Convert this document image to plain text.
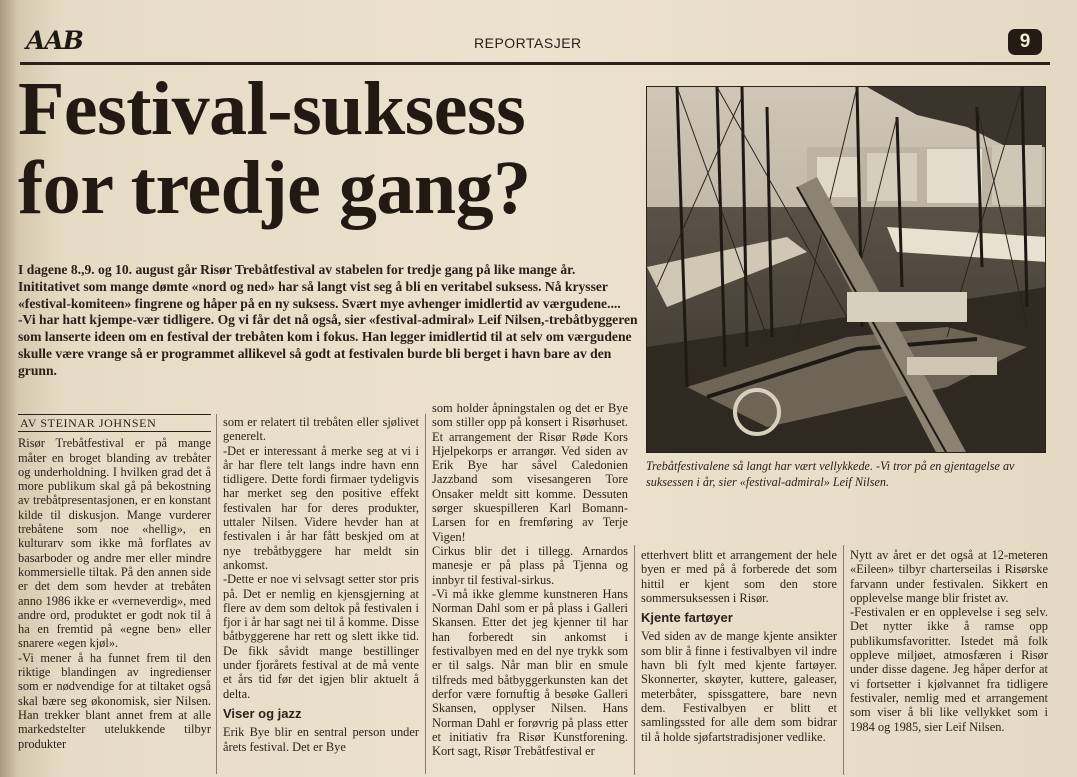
AAB	REPORTASJER	9
Festival-suksess
for tredje gang?

I dagene 8.,9. og 10. august går Risør Trebåtfestival av stabelen for tredje gang på like mange år. Inititativet som mange dømte «nord og ned» har så langt vist seg å bli en veritabel suksess. Nå krysser «festival-komiteen» fingrene og håper på en ny suksess. Svært mye avhenger imidlertid av værgudene....

-Vi har hatt kjempe-vær tidligere. Og vi får det nå også, sier «festival-admiral» Leif Nilsen,-trebåtbyggeren som lanserte ideen om en festival der trebåten kom i fokus. Han legger imidlertid til at selv om værgudene skulle være vrange så er programmet allikevel så godt at festivalen burde bli berget i havn bare av den grunn.

Trebåtfestivalene så langt har vært vellykkede. -Vi tror på en gjentagelse av suksessen i år, sier «festival-admiral» Leif Nilsen.
AV STEINAR JOHNSEN

Risør Trebåtfestival er på mange måter en broget blanding av trebåter og underholdning. I hvilken grad det å more publikum skal gå på bekostning av trebåtpresentasjonen, er en konstant kilde til diskusjon. Mange vurderer trebåtene som noe «hellig», en kulturarv som ikke må forflates av basarboder og andre mer eller mindre kommersielle tiltak. På den annen side er det dem som hevder at trebåten anno 1986 ikke er «verneverdig», med andre ord, produktet er godt nok til å ha en fremtid på «egne ben» eller snarere «egen kjøl».

-Vi mener å ha funnet frem til den riktige blandingen av ingredienser som er nødvendige for at tiltaket også skal bære seg økonomisk, sier Nilsen. Han trekker blant annet frem at alle markedstelter utelukkende tilbyr produkter

som er relatert til trebåten eller sjølivet generelt.

-Det er interessant å merke seg at vi i år har flere telt langs indre havn enn tidligere. Dette fordi firmaer tydeligvis har merket seg den positive effekt festivalen har for deres produkter, uttaler Nilsen. Videre hevder han at festivalen i år har fått beskjed om at nye trebåtbyggere har meldt sin ankomst.

-Dette er noe vi selvsagt setter stor pris på. Det er nemlig en kjensgjerning at flere av dem som deltok på festivalen i fjor i år har sagt nei til å komme. Disse båtbyggerene har rett og slett ikke tid. De fikk såvidt mange bestillinger under fjorårets festival at de må vente et års tid før det igjen blir aktuelt å delta.

Viser og jazz

Erik Bye blir en sentral person under årets festival. Det er Bye

som holder åpningstalen og det er Bye som stiller opp på konsert i Risørhuset. Et arrangement der Risør Røde Kors Hjelpekorps er arrangør. Ved siden av Erik Bye har såvel Caledonien Jazzband som visesangeren Tore Onsaker meldt sitt komme. Dessuten sørger skuespilleren Karl Bomann-Larsen for en fremføring av Terje Vigen!

Cirkus blir det i tillegg. Arnardos manesje er på plass på Tjenna og innbyr til festival-sirkus.

-Vi må ikke glemme kunstneren Hans Norman Dahl som er på plass i Galleri Skansen. Etter det jeg kjenner til har han forberedt sin ankomst i festivalbyen med en del nye trykk som er til salgs. Når man blir en smule tilfreds med båtbyggerkunsten kan det derfor være fornuftig å besøke Galleri Skansen, opplyser Nilsen. Hans Norman Dahl er forøvrig på plass etter et initiativ fra Risør Kunstforening. Kort sagt, Risør Trebåtfestival er

etterhvert blitt et arrangement der hele byen er med på å forberede det som hittil er kjent som den store sommersuksessen i Risør.

Kjente fartøyer

Ved siden av de mange kjente ansikter som blir å finne i festivalbyen vil indre havn bli fylt med kjente fartøyer. Skonnerter, skøyter, kuttere, galeaser, meterbåter, spissgattere, bare nevn dem. Festivalbyen er blitt et samlingssted for alle dem som bidrar til å holde sjøfartstradisjoner vedlike.

Nytt av året er det også at 12-meteren «Eileen» tilbyr charterseilas i Risørske farvann under festivalen. Sikkert en opplevelse mange blir fristet av.

-Festivalen er en opplevelse i seg selv. Det nytter ikke å ramse opp publikumsfavoritter. Istedet må folk oppleve miljøet, atmosfæren i Risør under disse dagene. Jeg håper derfor at vi fortsetter i kjølvannet fra tidligere festivaler, nemlig med et arrangement som viser å bli like vellykket som i 1984 og 1985, sier Leif Nilsen.
